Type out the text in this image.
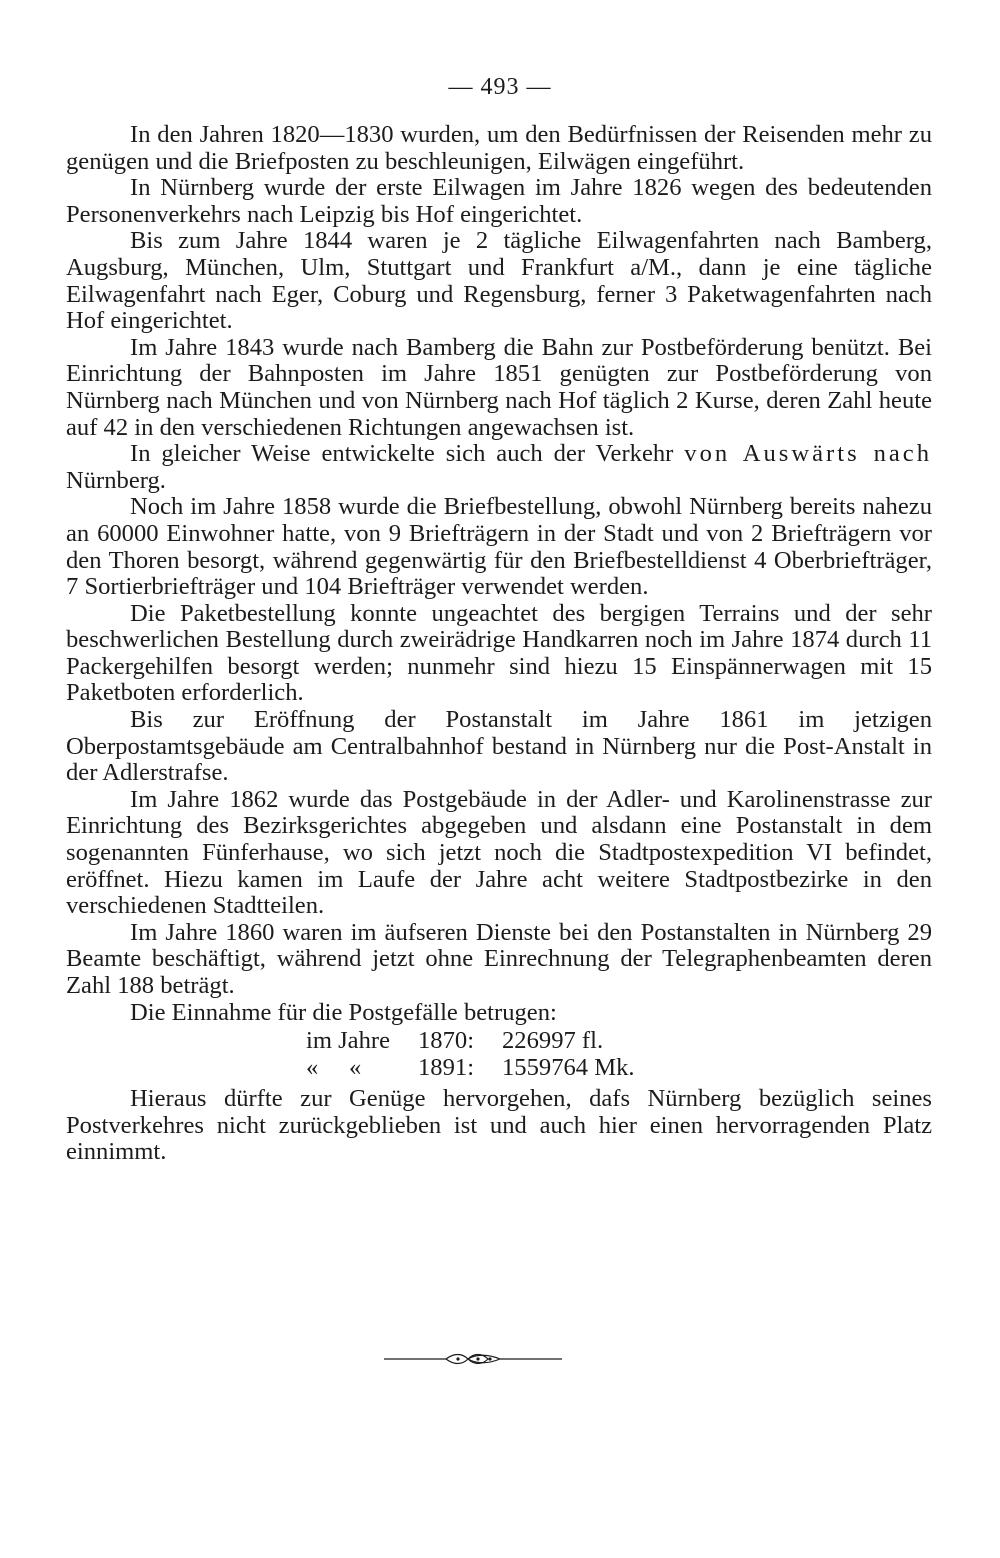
— 493 —

In den Jahren 1820—1830 wurden, um den Bedürfnissen der Reisenden mehr zu genügen und die Briefposten zu beschleunigen, Eilwägen eingeführt.

In Nürnberg wurde der erste Eilwagen im Jahre 1826 wegen des bedeutenden Personenverkehrs nach Leipzig bis Hof eingerichtet.

Bis zum Jahre 1844 waren je 2 tägliche Eilwagenfahrten nach Bamberg, Augsburg, München, Ulm, Stuttgart und Frankfurt a/M., dann je eine tägliche Eilwagenfahrt nach Eger, Coburg und Regensburg, ferner 3 Paketwagenfahrten nach Hof eingerichtet.

Im Jahre 1843 wurde nach Bamberg die Bahn zur Postbeförderung benützt. Bei Einrichtung der Bahnposten im Jahre 1851 genügten zur Postbeförderung von Nürnberg nach München und von Nürnberg nach Hof täglich 2 Kurse, deren Zahl heute auf 42 in den verschiedenen Richtungen angewachsen ist.

In gleicher Weise entwickelte sich auch der Verkehr von Auswärts nach Nürnberg.

Noch im Jahre 1858 wurde die Briefbestellung, obwohl Nürnberg bereits nahezu an 60000 Einwohner hatte, von 9 Briefträgern in der Stadt und von 2 Briefträgern vor den Thoren besorgt, während gegenwärtig für den Briefbestelldienst 4 Oberbriefträger, 7 Sortierbriefträger und 104 Briefträger verwendet werden.

Die Paketbestellung konnte ungeachtet des bergigen Terrains und der sehr beschwerlichen Bestellung durch zweirädrige Handkarren noch im Jahre 1874 durch 11 Packergehilfen besorgt werden; nunmehr sind hiezu 15 Einspännerwagen mit 15 Paketboten erforderlich.

Bis zur Eröffnung der Postanstalt im Jahre 1861 im jetzigen Oberpostamtsgebäude am Centralbahnhof bestand in Nürnberg nur die Post-Anstalt in der Adlerstrafse.

Im Jahre 1862 wurde das Postgebäude in der Adler- und Karolinenstrasse zur Einrichtung des Bezirksgerichtes abgegeben und alsdann eine Postanstalt in dem sogenannten Fünferhause, wo sich jetzt noch die Stadtpostexpedition VI befindet, eröffnet. Hiezu kamen im Laufe der Jahre acht weitere Stadtpostbezirke in den verschiedenen Stadtteilen.

Im Jahre 1860 waren im äufseren Dienste bei den Postanstalten in Nürnberg 29 Beamte beschäftigt, während jetzt ohne Einrechnung der Telegraphenbeamten deren Zahl 188 beträgt.

Die Einnahme für die Postgefälle betrugen:

im Jahre 1870: 226997 fl.
«     « 1891: 1559764 Mk.

Hieraus dürfte zur Genüge hervorgehen, dafs Nürnberg bezüglich seines Postverkehres nicht zurückgeblieben ist und auch hier einen hervorragenden Platz einnimmt.
